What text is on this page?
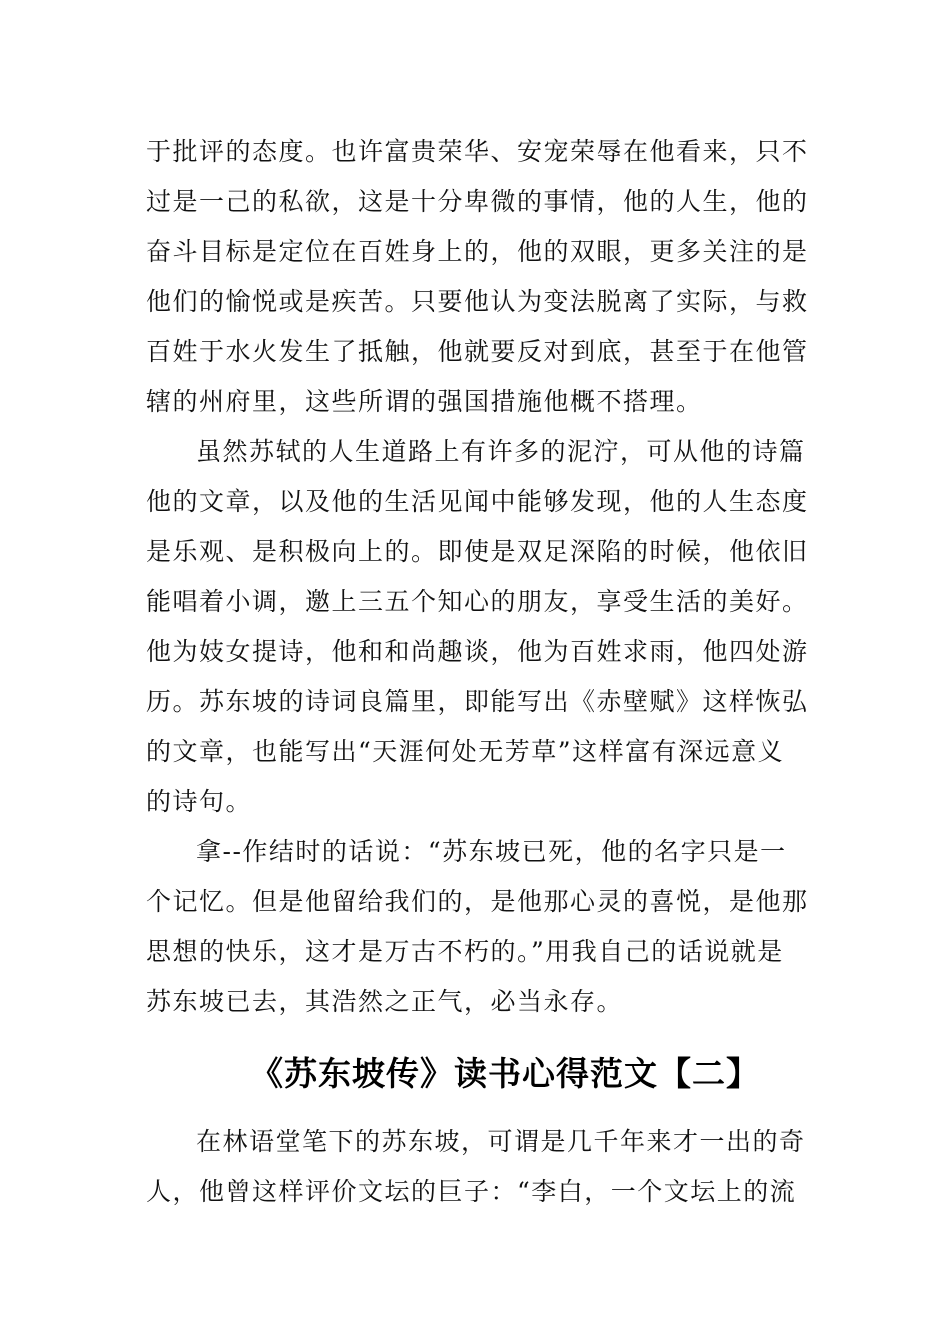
于批评的态度。也许富贵荣华、安宠荣辱在他看来，只不
过是一己的私欲，这是十分卑微的事情，他的人生，他的
奋斗目标是定位在百姓身上的，他的双眼，更多关注的是
他们的愉悦或是疾苦。只要他认为变法脱离了实际，与救
百姓于水火发生了抵触，他就要反对到底，甚至于在他管
辖的州府里，这些所谓的强国措施他概不搭理。
虽然苏轼的人生道路上有许多的泥泞，可从他的诗篇
他的文章，以及他的生活见闻中能够发现，他的人生态度
是乐观、是积极向上的。即使是双足深陷的时候，他依旧
能唱着小调，邀上三五个知心的朋友，享受生活的美好。
他为妓女提诗，他和和尚趣谈，他为百姓求雨，他四处游
历。苏东坡的诗词良篇里，即能写出《赤壁赋》这样恢弘
的文章，也能写出“天涯何处无芳草”这样富有深远意义
的诗句。
拿--作结时的话说：“苏东坡已死，他的名字只是一
个记忆。但是他留给我们的，是他那心灵的喜悦，是他那
思想的快乐，这才是万古不朽的。”用我自己的话说就是
苏东坡已去，其浩然之正气，必当永存。
《苏东坡传》读书心得范文【二】
在林语堂笔下的苏东坡，可谓是几千年来才一出的奇
人，他曾这样评价文坛的巨子：“李白，一个文坛上的流
